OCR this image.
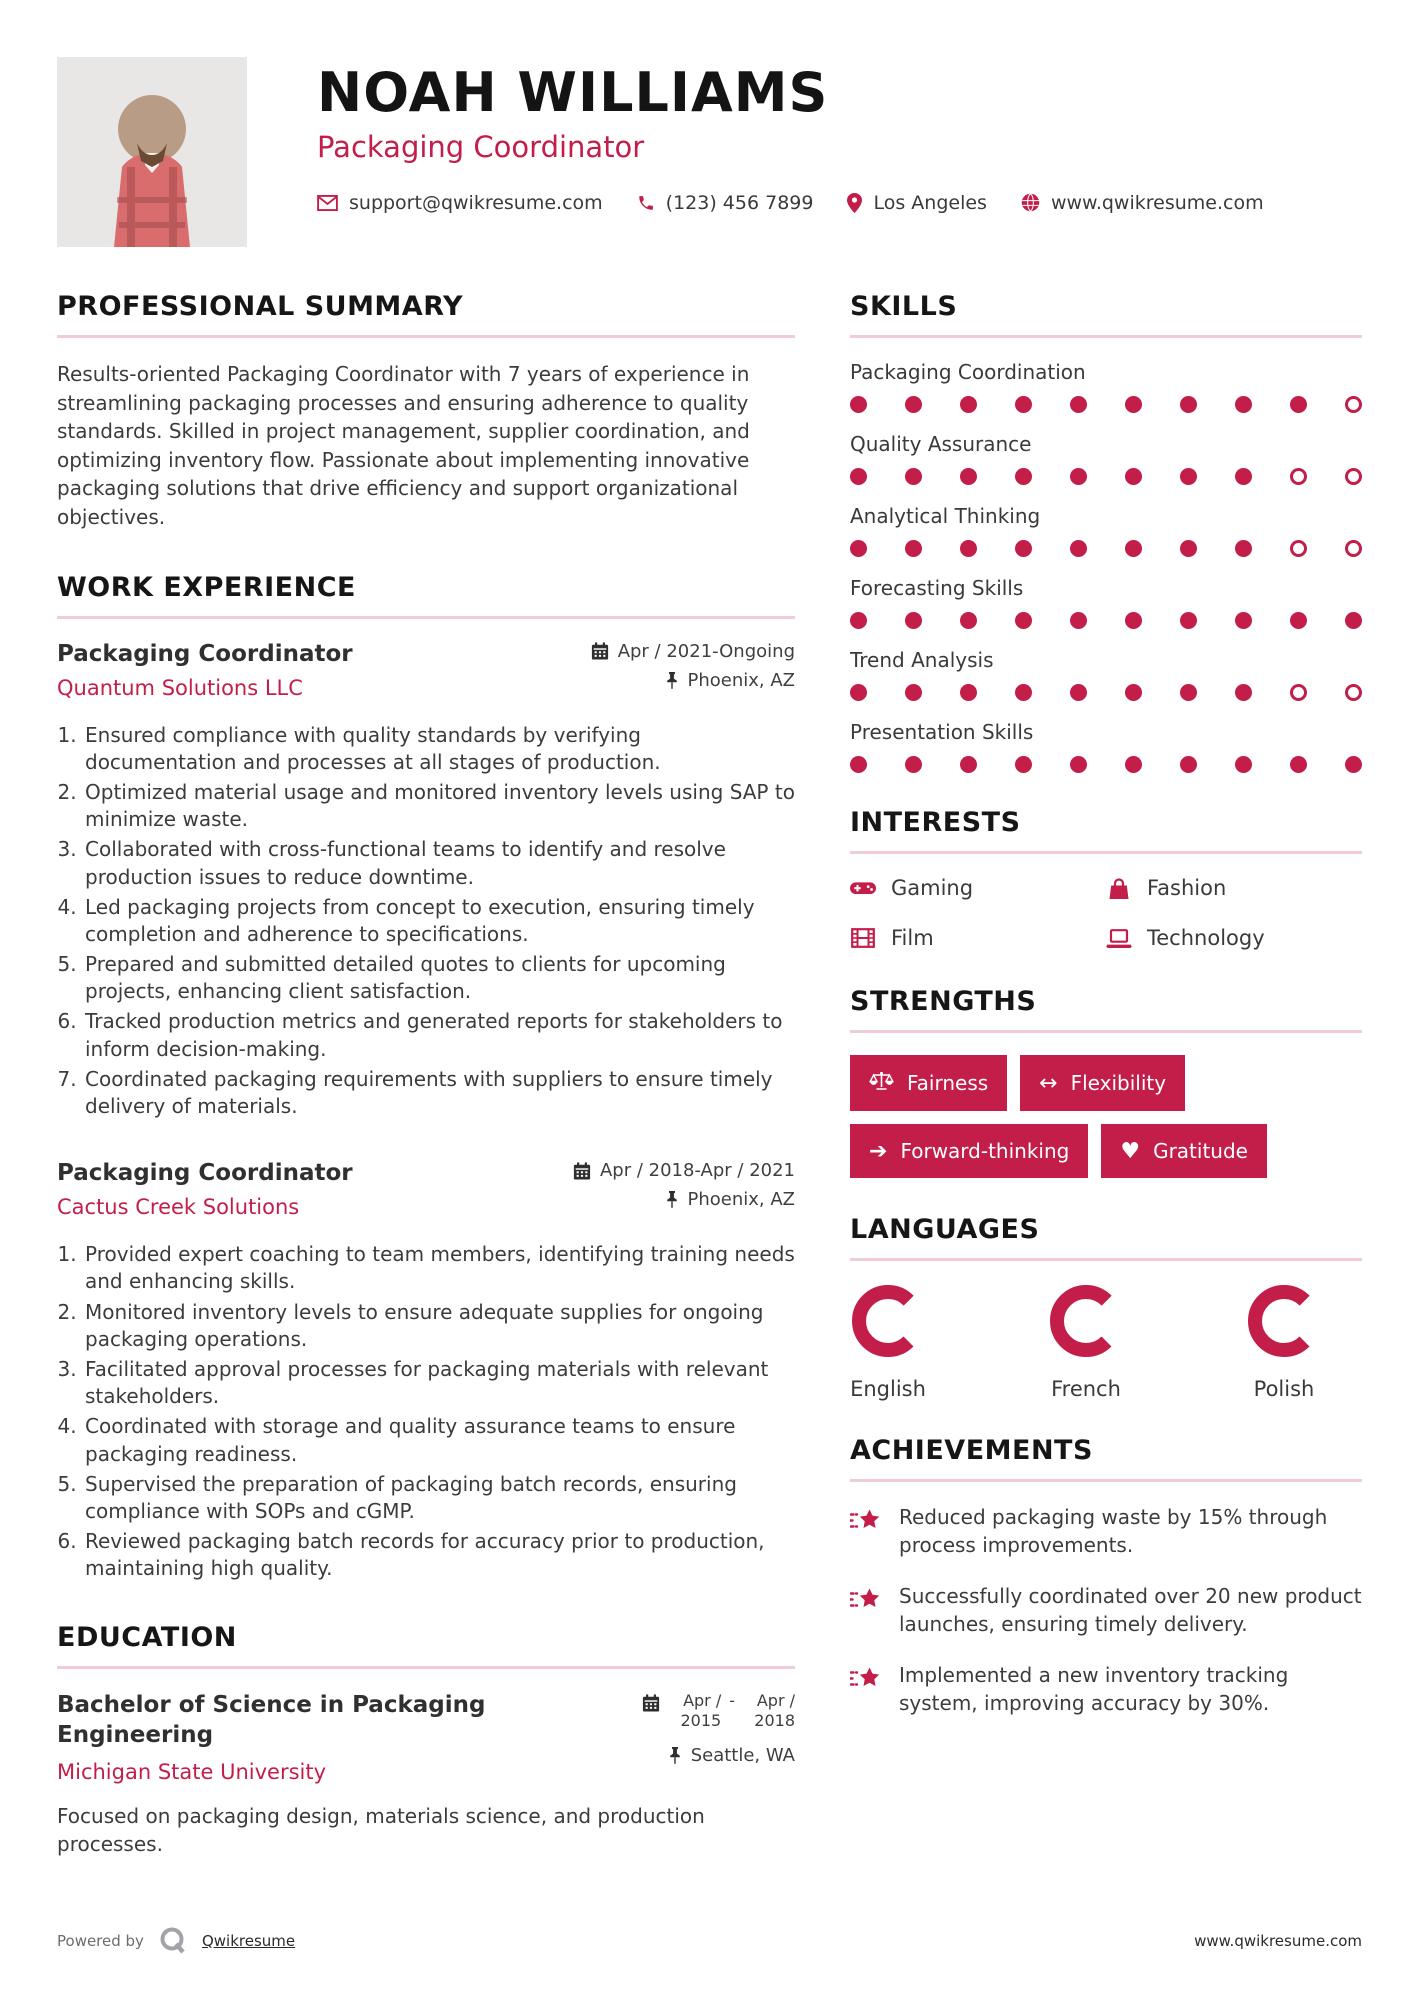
NOAH WILLIAMS
Packaging Coordinator
support@qwikresume.com	(123) 456 7899	Los Angeles	www.qwikresume.com
PROFESSIONAL SUMMARY

Results-oriented Packaging Coordinator with 7 years of experience in streamlining packaging processes and ensuring adherence to quality standards. Skilled in project management, supplier coordination, and optimizing inventory flow. Passionate about implementing innovative packaging solutions that drive efficiency and support organizational objectives.

WORK EXPERIENCE
Packaging Coordinator
Quantum Solutions LLC
Apr / 2021-Ongoing
Phoenix, AZ
1. Ensured compliance with quality standards by verifying documentation and processes at all stages of production.
2. Optimized material usage and monitored inventory levels using SAP to minimize waste.
3. Collaborated with cross-functional teams to identify and resolve production issues to reduce downtime.
4. Led packaging projects from concept to execution, ensuring timely completion and adherence to specifications.
5. Prepared and submitted detailed quotes to clients for upcoming projects, enhancing client satisfaction.
6. Tracked production metrics and generated reports for stakeholders to inform decision-making.
7. Coordinated packaging requirements with suppliers to ensure timely delivery of materials.
Packaging Coordinator
Cactus Creek Solutions
Apr / 2018-Apr / 2021
Phoenix, AZ
1. Provided expert coaching to team members, identifying training needs and enhancing skills.
2. Monitored inventory levels to ensure adequate supplies for ongoing packaging operations.
3. Facilitated approval processes for packaging materials with relevant stakeholders.
4. Coordinated with storage and quality assurance teams to ensure packaging readiness.
5. Supervised the preparation of packaging batch records, ensuring compliance with SOPs and cGMP.
6. Reviewed packaging batch records for accuracy prior to production, maintaining high quality.
EDUCATION
Bachelor of Science in Packaging Engineering
Michigan State University
Apr / 2015
-	Apr / 2018
Seattle, WA
Focused on packaging design, materials science, and production processes.
SKILLS
Packaging Coordination
Quality Assurance
Analytical Thinking
Forecasting Skills
Trend Analysis
Presentation Skills
INTERESTS
Gaming	Fashion
Film	Technology
STRENGTHS
Fairness ↔ Flexibility
➔ Forward-thinking ♥ Gratitude
LANGUAGES
English	French	Polish
ACHIEVEMENTS
Reduced packaging waste by 15% through process improvements.
Successfully coordinated over 20 new product launches, ensuring timely delivery.
Implemented a new inventory tracking system, improving accuracy by 30%.
Powered by	Qwikresume	www.qwikresume.com
